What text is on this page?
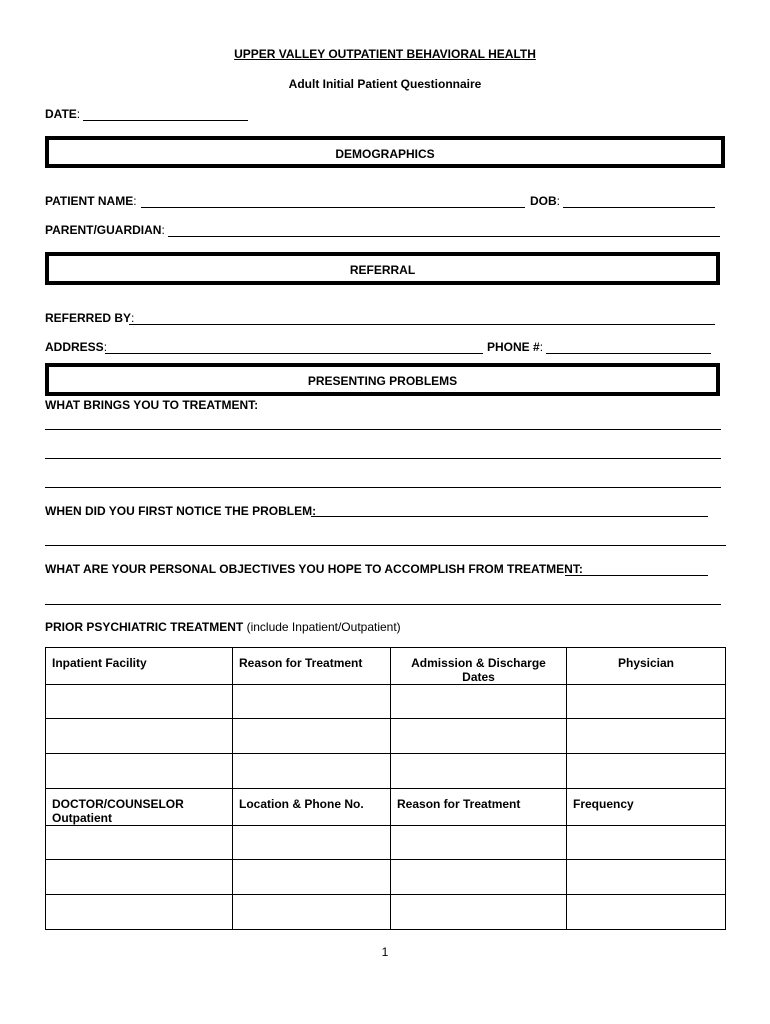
UPPER VALLEY OUTPATIENT BEHAVIORAL HEALTH
Adult Initial Patient Questionnaire
DATE:
DEMOGRAPHICS
PATIENT NAME:	DOB:
PARENT/GUARDIAN:
REFERRAL
REFERRED BY:
ADDRESS:	PHONE #:
PRESENTING PROBLEMS
WHAT BRINGS YOU TO TREATMENT:
WHEN DID YOU FIRST NOTICE THE PROBLEM:
WHAT ARE YOUR PERSONAL OBJECTIVES YOU HOPE TO ACCOMPLISH FROM TREATMENT:
PRIOR PSYCHIATRIC TREATMENT (include Inpatient/Outpatient)
Inpatient Facility	Reason for Treatment	Admission & Discharge Dates	Physician

DOCTOR/COUNSELOR Outpatient	Location & Phone No.	Reason for Treatment	Frequency

1
